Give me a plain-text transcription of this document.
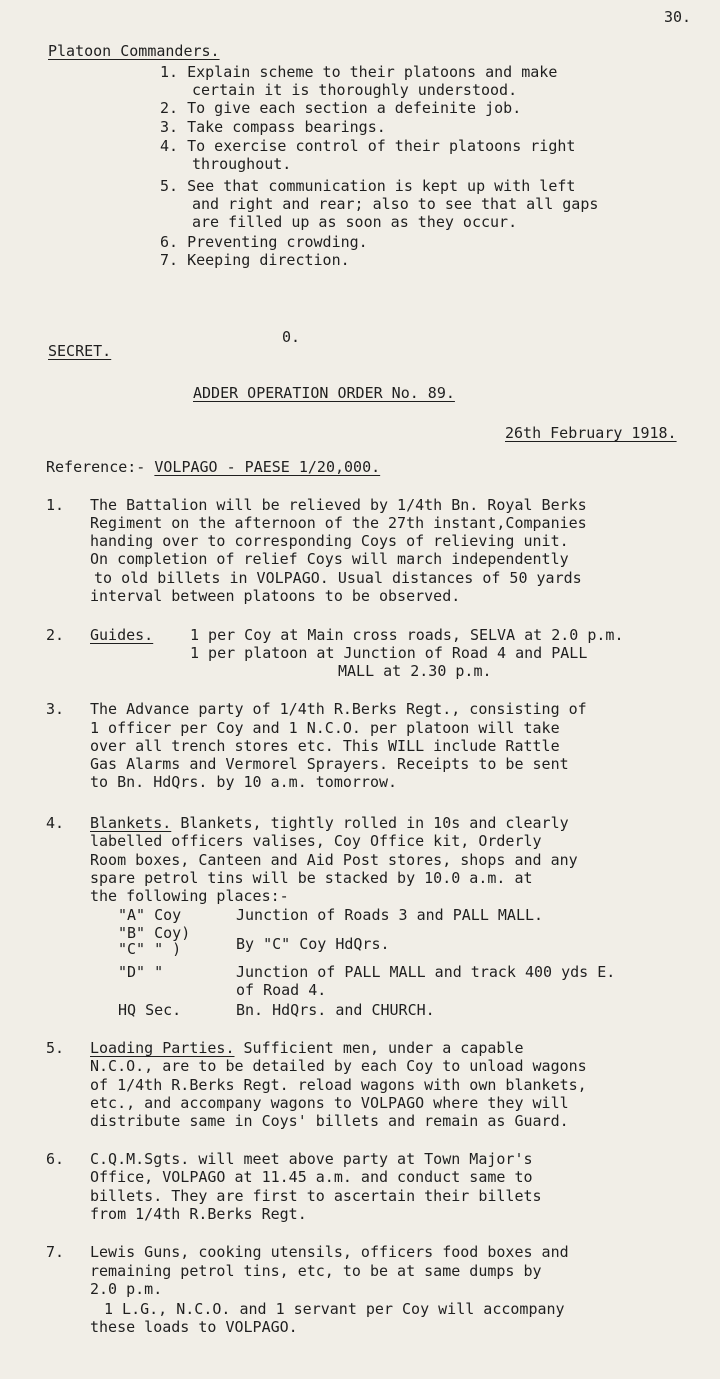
30.
Platoon Commanders.
1. Explain scheme to their platoons and make
certain it is thoroughly understood.
2. To give each section a defeinite job.
3. Take compass bearings.
4. To exercise control of their platoons right
throughout.
5. See that communication is kept up with left
and right and rear; also to see that all gaps
are filled up as soon as they occur.
6. Preventing crowding.
7. Keeping direction.
0.
SECRET.
ADDER OPERATION ORDER No. 89.
26th February 1918.
Reference:- VOLPAGO - PAESE 1/20,000.
1. The Battalion will be relieved by 1/4th Bn. Royal Berks
Regiment on the afternoon of the 27th instant,Companies
handing over to corresponding Coys of relieving unit.
On completion of relief Coys will march independently
to old billets in VOLPAGO. Usual distances of 50 yards
interval between platoons to be observed.
2. Guides. 1 per Coy at Main cross roads, SELVA at 2.0 p.m.
1 per platoon at Junction of Road 4 and PALL
MALL at 2.30 p.m.
3. The Advance party of 1/4th R.Berks Regt., consisting of
1 officer per Coy and 1 N.C.O. per platoon will take
over all trench stores etc. This WILL include Rattle
Gas Alarms and Vermorel Sprayers. Receipts to be sent
to Bn. HdQrs. by 10 a.m. tomorrow.
4. Blankets. Blankets, tightly rolled in 10s and clearly
labelled officers valises, Coy Office kit, Orderly
Room boxes, Canteen and Aid Post stores, shops and any
spare petrol tins will be stacked by 10.0 a.m. at
the following places:-
"A" Coy	Junction of Roads 3 and PALL MALL.
"B" Coy)
"C" " )	By "C" Coy HdQrs.
"D" "	Junction of PALL MALL and track 400 yds E.
of Road 4.
HQ Sec.	Bn. HdQrs. and CHURCH.
5. Loading Parties. Sufficient men, under a capable
N.C.O., are to be detailed by each Coy to unload wagons
of 1/4th R.Berks Regt. reload wagons with own blankets,
etc., and accompany wagons to VOLPAGO where they will
distribute same in Coys' billets and remain as Guard.
6. C.Q.M.Sgts. will meet above party at Town Major's
Office, VOLPAGO at 11.45 a.m. and conduct same to
billets. They are first to ascertain their billets
from 1/4th R.Berks Regt.
7. Lewis Guns, cooking utensils, officers food boxes and
remaining petrol tins, etc, to be at same dumps by
2.0 p.m.
1 L.G., N.C.O. and 1 servant per Coy will accompany
these loads to VOLPAGO.
